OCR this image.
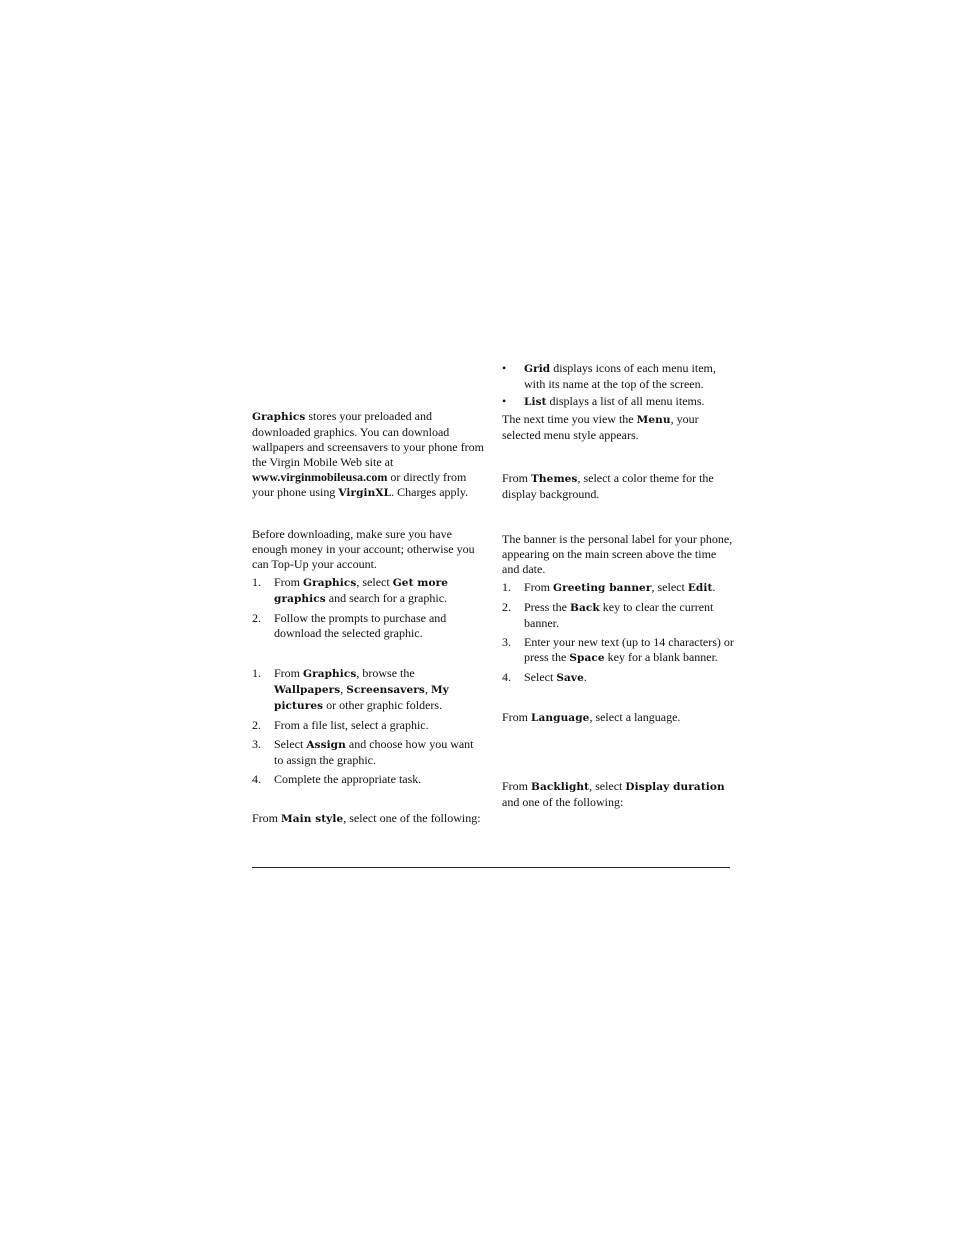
Graphics stores your preloaded and downloaded graphics. You can download wallpapers and screensavers to your phone from the Virgin Mobile Web site at www.virginmobileusa.com or directly from your phone using VirginXL. Charges apply.

Before downloading, make sure you have enough money in your account; otherwise you can Top-Up your account.

1. From Graphics, select Get more graphics and search for a graphic.
2. Follow the prompts to purchase and download the selected graphic.
1. From Graphics, browse the Wallpapers, Screensavers, My pictures or other graphic folders.
2. From a file list, select a graphic.
3. Select Assign and choose how you want to assign the graphic.
4. Complete the appropriate task.

From Main style, select one of the following:

• Grid displays icons of each menu item, with its name at the top of the screen.
• List displays a list of all menu items.

The next time you view the Menu, your selected menu style appears.

From Themes, select a color theme for the display background.

The banner is the personal label for your phone, appearing on the main screen above the time and date.

1. From Greeting banner, select Edit.
2. Press the Back key to clear the current banner.
3. Enter your new text (up to 14 characters) or press the Space key for a blank banner.
4. Select Save.

From Language, select a language.

From Backlight, select Display duration and one of the following:
